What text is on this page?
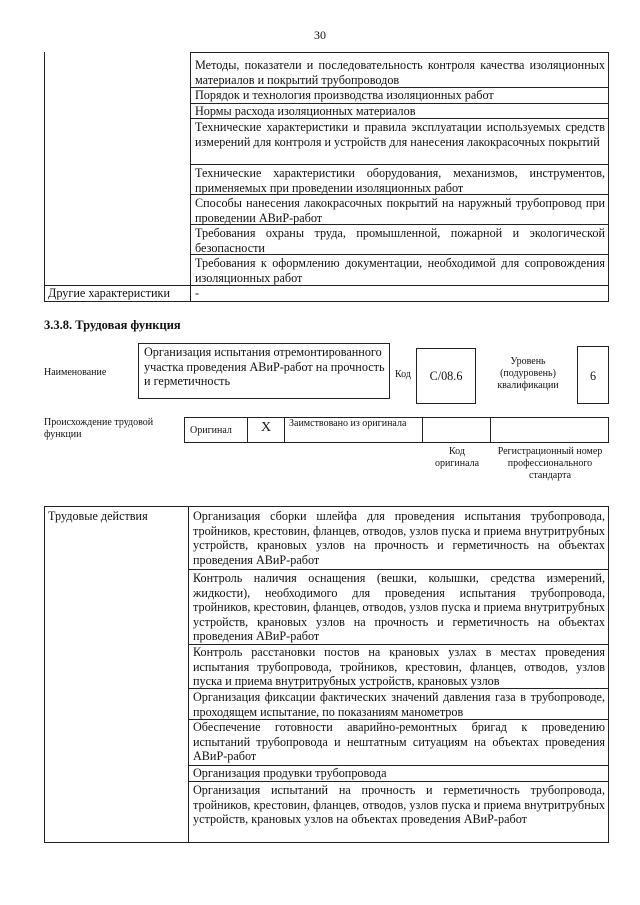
30
Методы, показатели и последовательность контроля качества изоляционных материалов и покрытий трубопроводов
Порядок и технология производства изоляционных работ
Нормы расхода изоляционных материалов
Технические характеристики и правила эксплуатации используемых средств измерений для контроля и устройств для нанесения лакокрасочных покрытий
Технические характеристики оборудования, механизмов, инструментов, применяемых при проведении изоляционных работ
Способы нанесения лакокрасочных покрытий на наружный трубопровод при проведении АВиР-работ
Требования охраны труда, промышленной, пожарной и экологической безопасности
Требования к оформлению документации, необходимой для сопровождения изоляционных работ
Другие характеристики -
3.3.8. Трудовая функция
Наименование
Организация испытания отремонтированного участка проведения АВиР-работ на прочность и герметичность	Код	С/08.6
Уровень (подуровень) квалификации
6
Происхождение трудовой функции	Оригинал	X	Заимствовано из оригинала
Код оригинала
Регистрационный номер профессионального стандарта
Трудовые действия	Организация сборки шлейфа для проведения испытания трубопровода, тройников, крестовин, фланцев, отводов, узлов пуска и приема внутритрубных устройств, крановых узлов на прочность и герметичность на объектах проведения АВиР-работ
Контроль наличия оснащения (вешки, колышки, средства измерений, жидкости), необходимого для проведения испытания трубопровода, тройников, крестовин, фланцев, отводов, узлов пуска и приема внутритрубных устройств, крановых узлов на прочность и герметичность на объектах проведения АВиР-работ
Контроль расстановки постов на крановых узлах в местах проведения испытания трубопровода, тройников, крестовин, фланцев, отводов, узлов пуска и приема внутритрубных устройств, крановых узлов
Организация фиксации фактических значений давления газа в трубопроводе, проходящем испытание, по показаниям манометров
Обеспечение готовности аварийно-ремонтных бригад к проведению испытаний трубопровода и нештатным ситуациям на объектах проведения АВиР-работ
Организация продувки трубопровода
Организация испытаний на прочность и герметичность трубопровода, тройников, крестовин, фланцев, отводов, узлов пуска и приема внутритрубных устройств, крановых узлов на объектах проведения АВиР-работ
